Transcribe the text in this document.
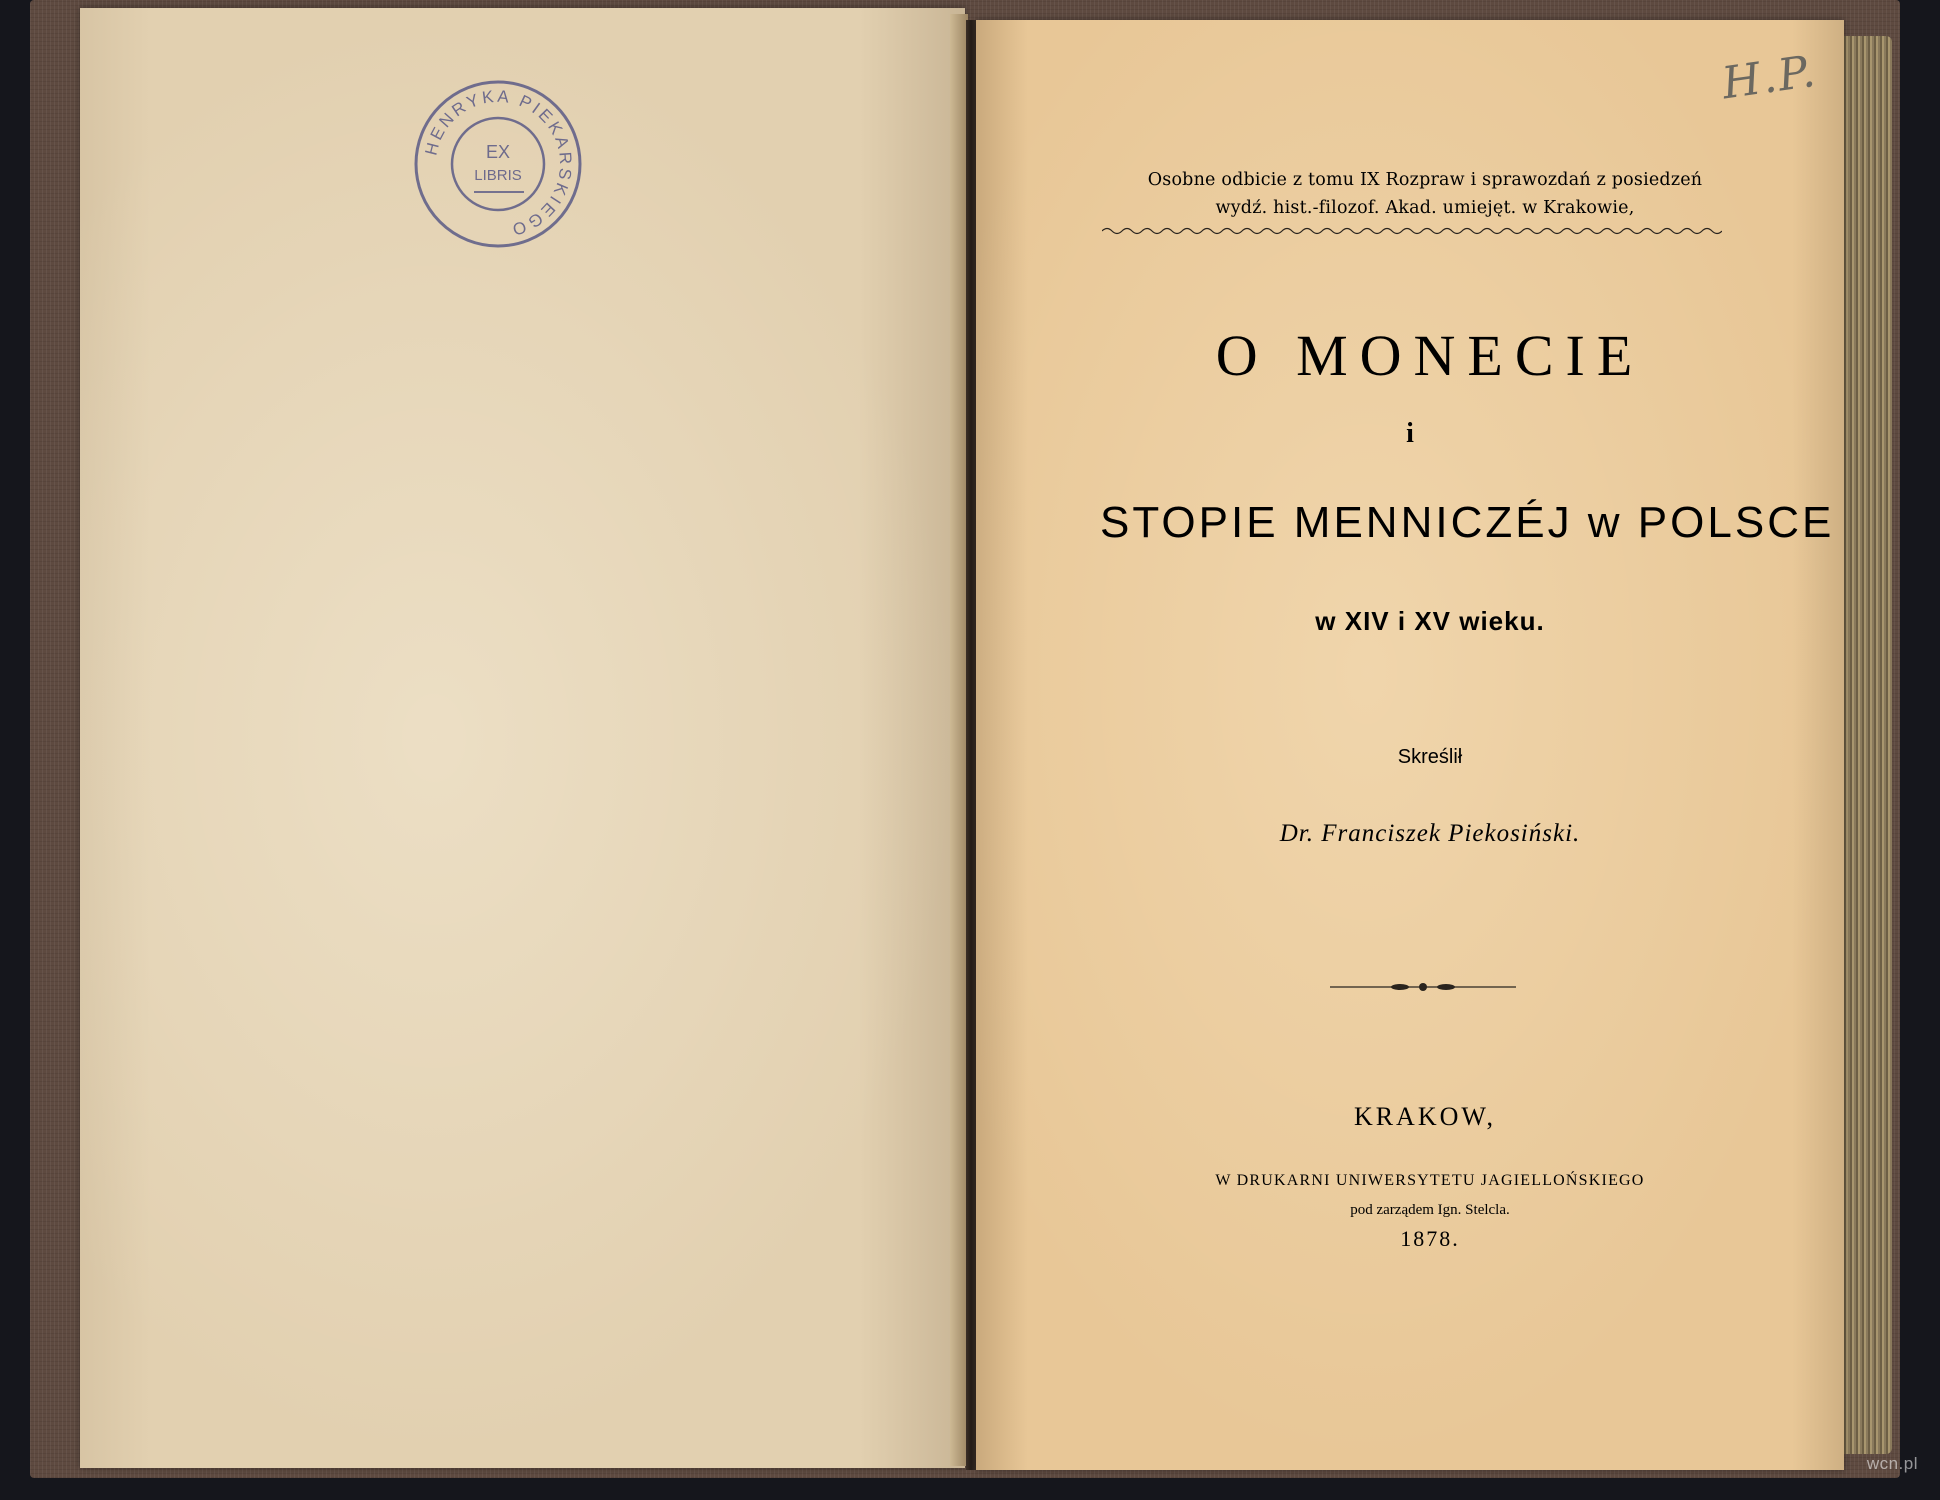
HENRYKA PIEKARSKIEGO
EX
LIBRIS
H.P.
Osobne odbicie z tomu IX Rozpraw i sprawozdań z posiedzeń
wydź. hist.-filozof. Akad. umiejęt. w Krakowie,
O MONECIE
i
STOPIE MENNICZÉJ w POLSCE
w XIV i XV wieku.
Skreślił
Dr. Franciszek Piekosiński.
KRAKOW,
W DRUKARNI UNIWERSYTETU JAGIELLOŃSKIEGO
pod zarządem Ign. Stelcla.
1878.
wcn.pl
